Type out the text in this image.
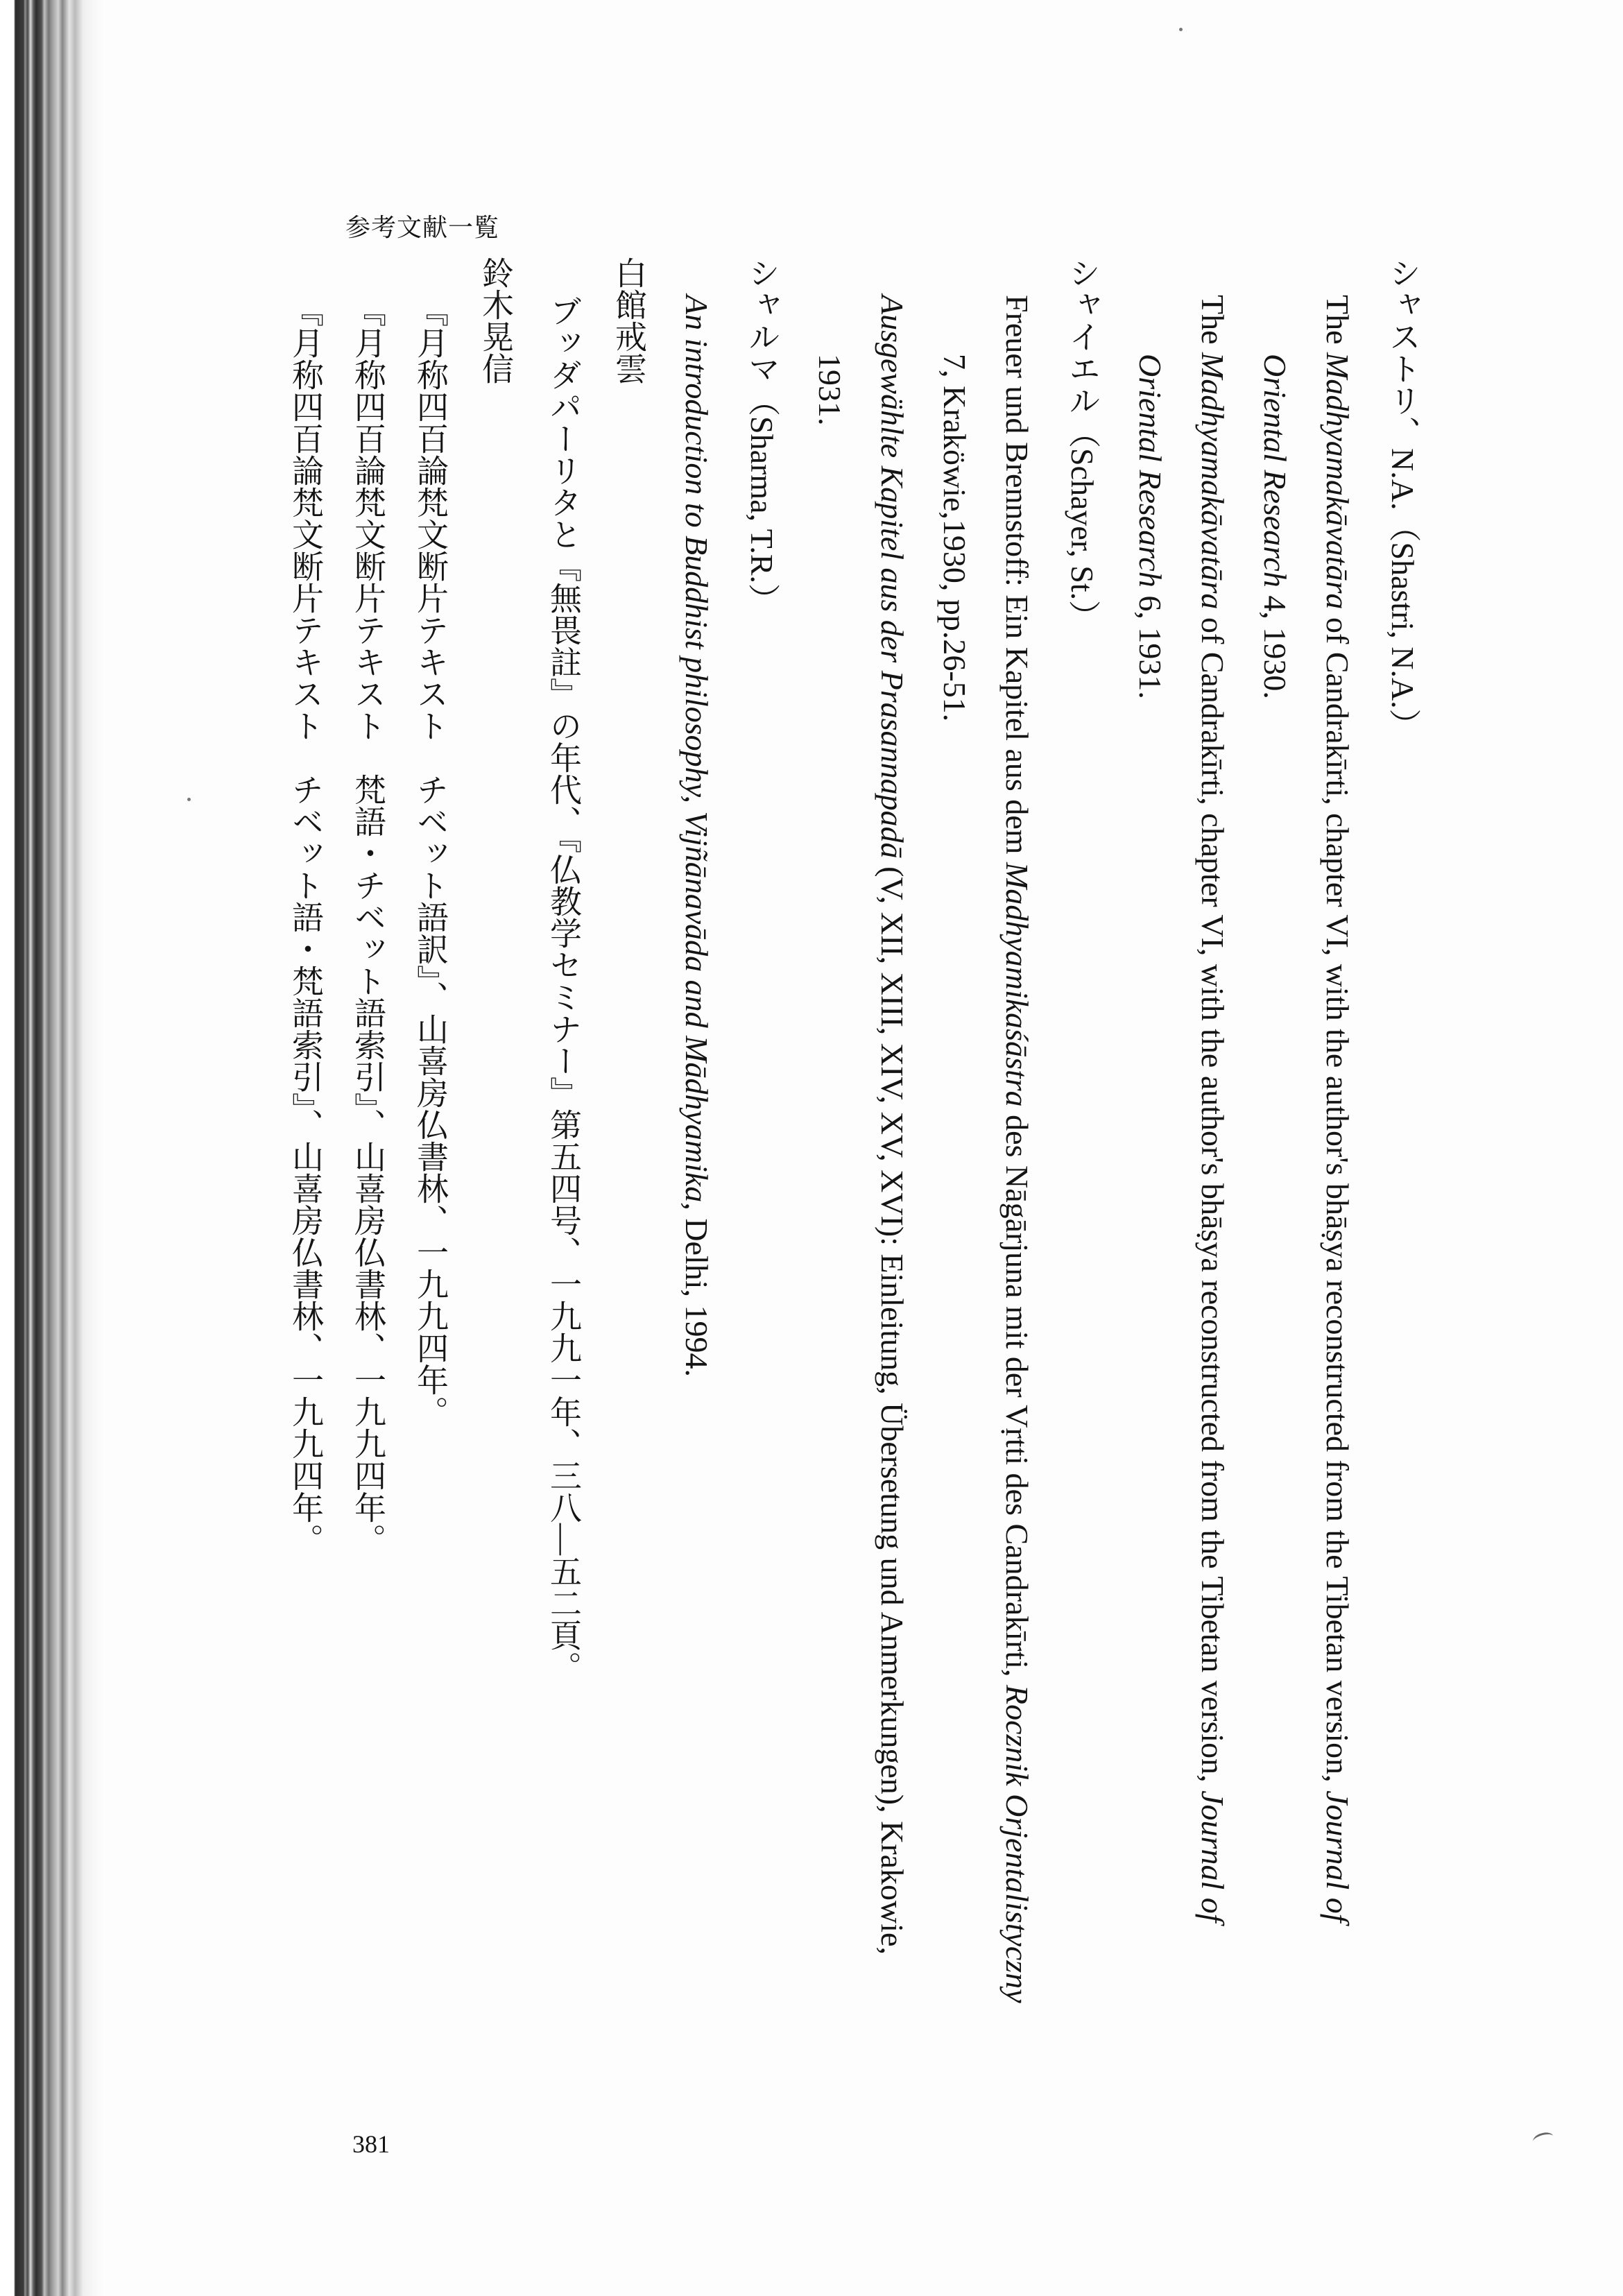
参考文献一覧
シャストリ、N.A.（Shastri, N.A.）
The Madhyamakāvatāra of Candrakīrti, chapter VI, with the author's bhāṣya reconstructed from the Tibetan version, Journal of
Oriental Research 4, 1930.
The Madhyamakāvatāra of Candrakīrti, chapter VI, with the author's bhāṣya reconstructed from the Tibetan version, Journal of
Oriental Research 6, 1931.
シャイエル（Schayer, St.）
Freuer und Brennstoff: Ein Kapitel aus dem Madhyamikaśāstra des Nāgārjuna mit der Vṛtti des Candrakīrti, Rocznik Orjentalistyczny
7, Kraköwie,1930, pp.26-51.
Ausgewählte Kapitel aus der Prasannapadā (V, XII, XIII, XIV, XV, XVI): Einleitung, Übersetung und Anmerkungen), Krakowie,
1931.
シャルマ（Sharma, T.R.）
An introduction to Buddhist philosophy, Vijñānavāda and Mādhyamika, Delhi, 1994.
白館戒雲
ブッダパーリタと『無畏註』の年代、『仏教学セミナー』第五四号、一九九一年、三八―五二頁。
鈴木晃信
『月称四百論梵文断片テキスト　チベット語訳』、山喜房仏書林、一九九四年。
『月称四百論梵文断片テキスト　梵語・チベット語索引』、山喜房仏書林、一九九四年。
『月称四百論梵文断片テキスト　チベット語・梵語索引』、山喜房仏書林、一九九四年。
381
